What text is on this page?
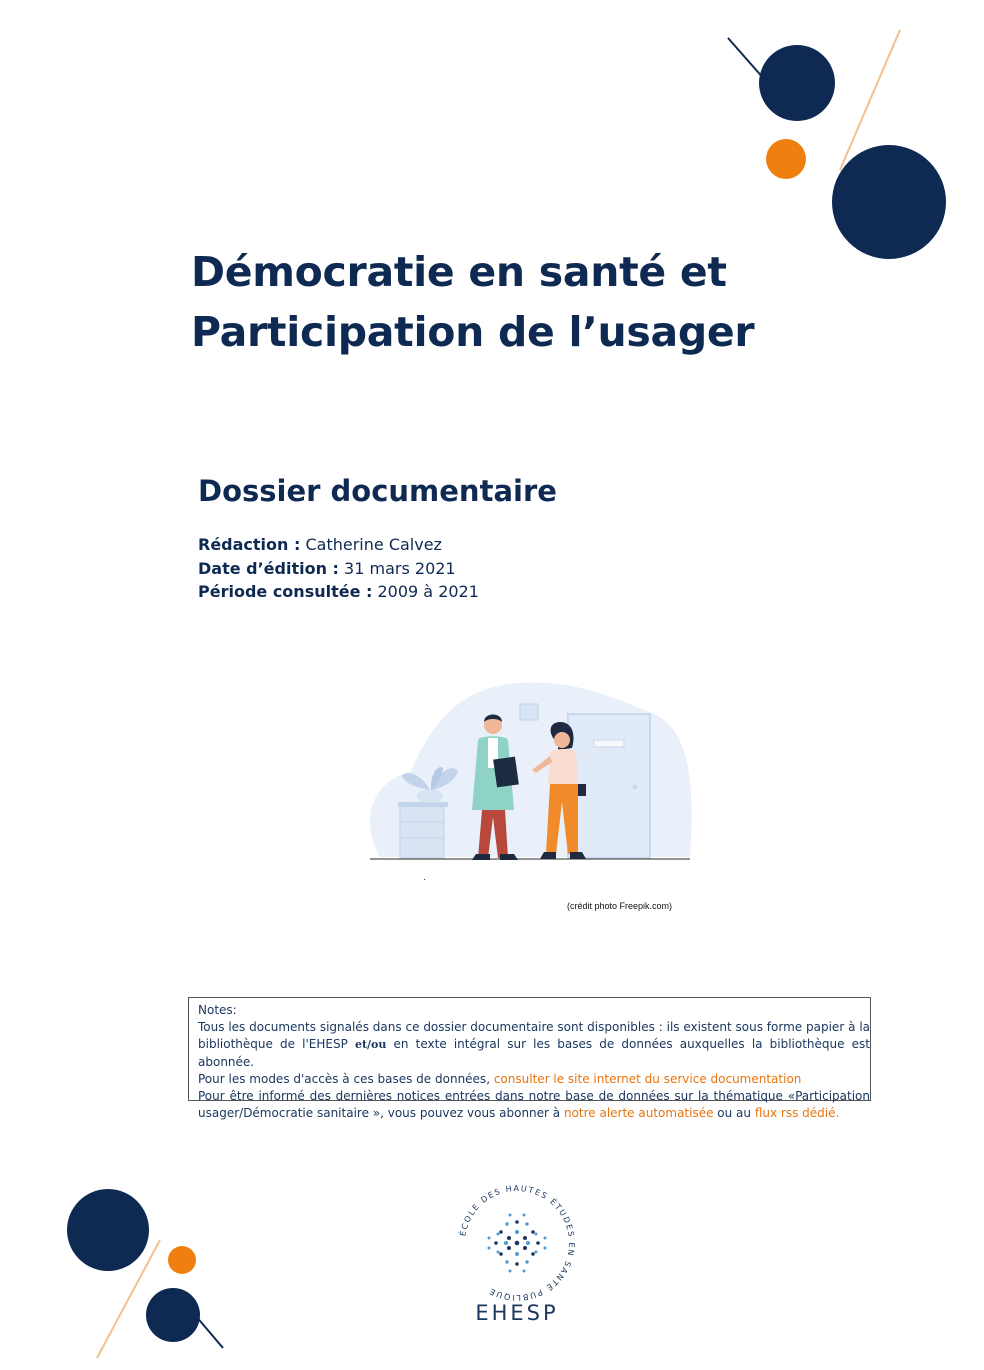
Démocratie en santé et
Participation de l’usager
Dossier documentaire
Rédaction : Catherine Calvez
Date d’édition : 31 mars 2021
Période consultée : 2009 à 2021
.
(crédit photo Freepik.com)

Notes:

Tous les documents signalés dans ce dossier documentaire sont disponibles : ils existent sous forme papier à la bibliothèque de l'EHESP et/ou en texte intégral sur les bases de données auxquelles la bibliothèque est abonnée.

Pour les modes d'accès à ces bases de données, consulter le site internet du service documentation

Pour être informé des dernières notices entrées dans notre base de données sur la thématique «Participation usager/Démocratie sanitaire », vous pouvez vous abonner à notre alerte automatisée ou au flux rss dédié.

ÉCOLE DES HAUTES ÉTUDES EN SANTÉ PUBLIQUE
EHESP
